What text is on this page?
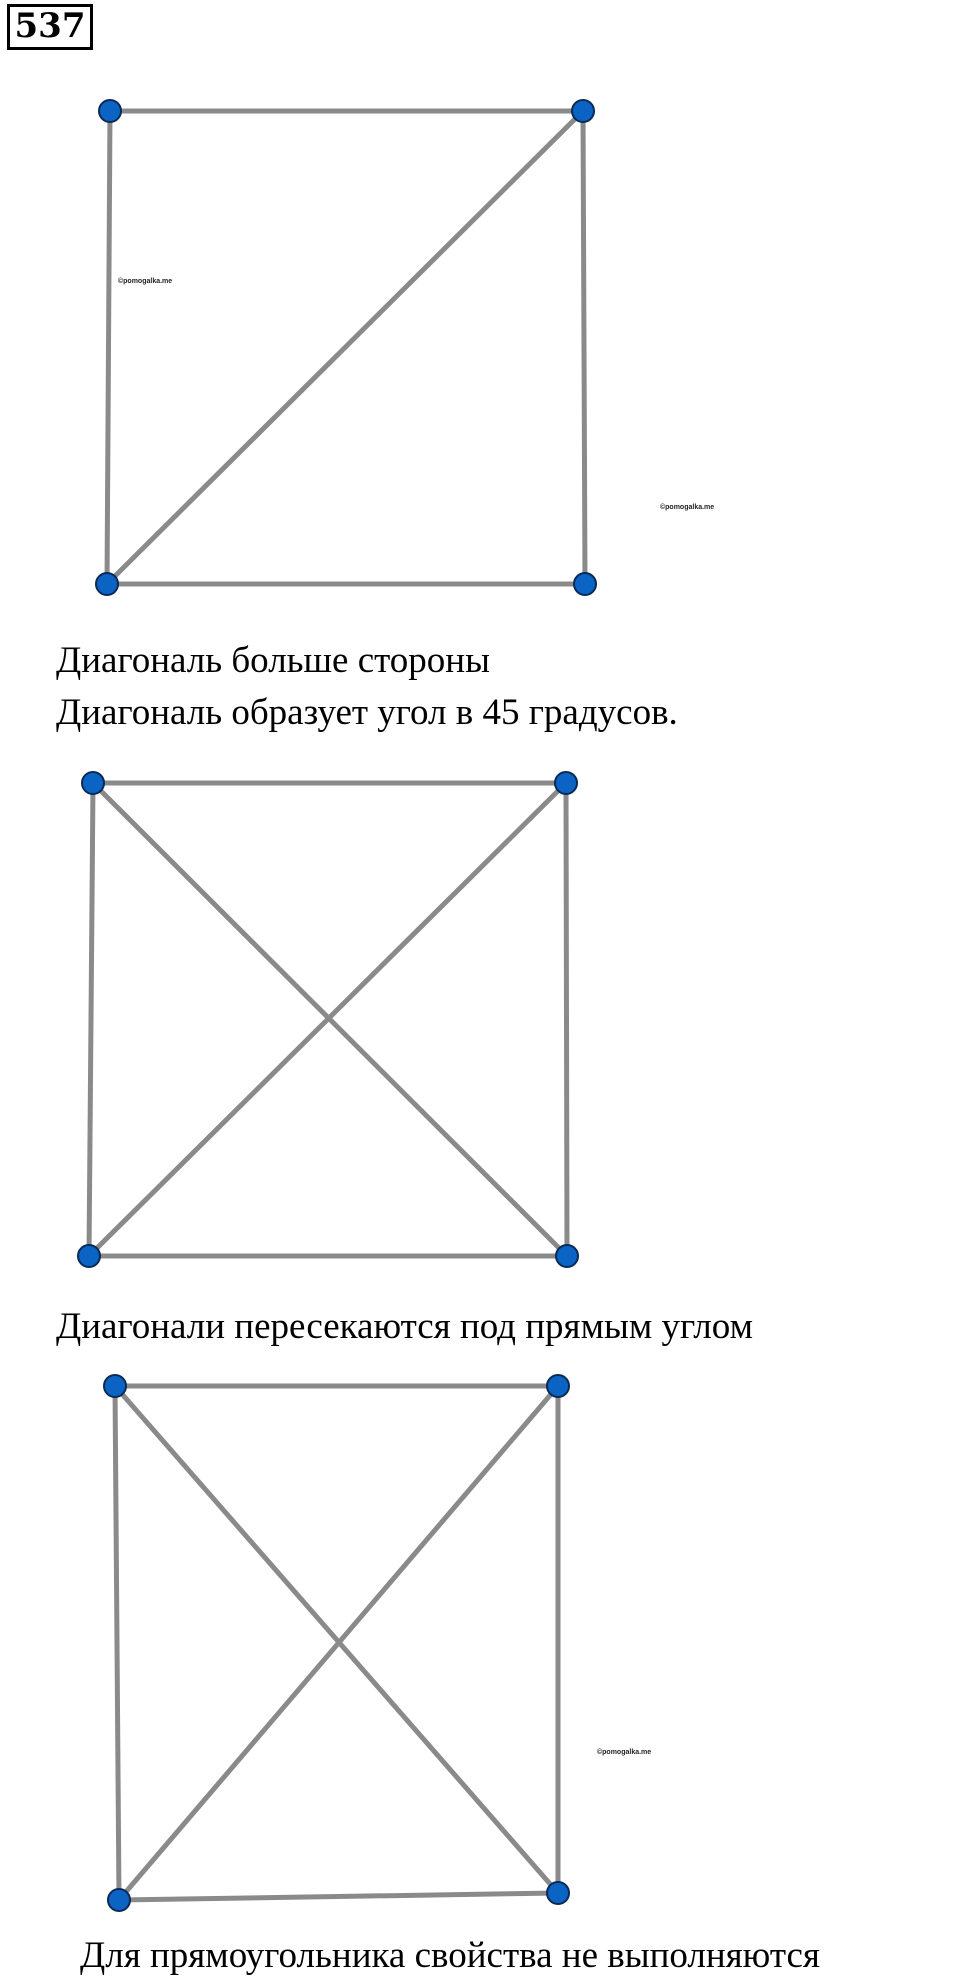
537
©pomogalka.me
©pomogalka.me
©pomogalka.me
Диагональ больше стороны
Диагональ образует угол в 45 градусов.
Диагонали пересекаются под прямым углом
Для прямоугольника свойства не выполняются
